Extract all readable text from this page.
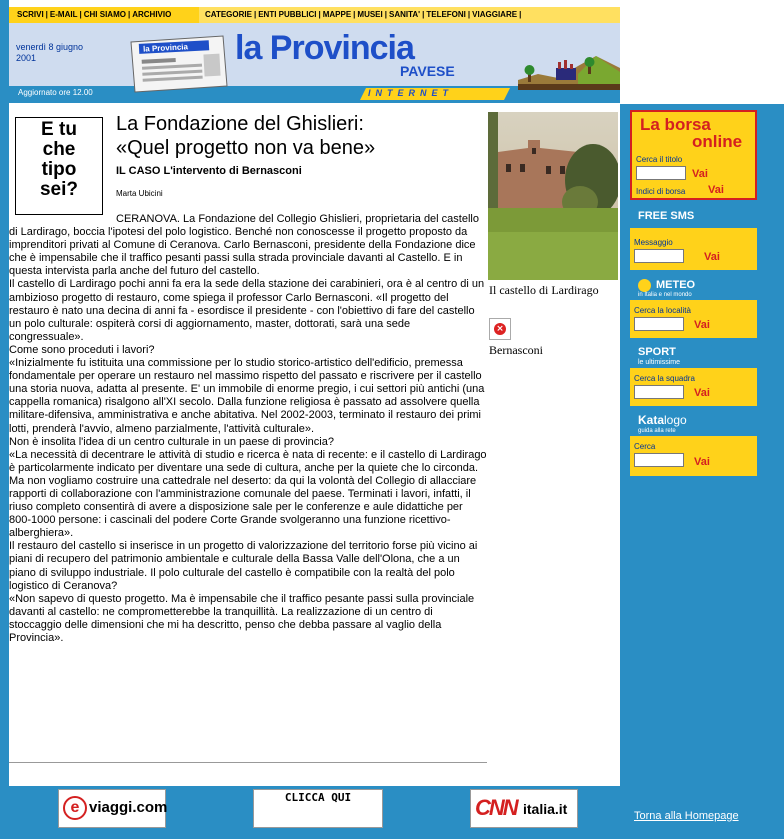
SCRIVI | E-MAIL | CHI SIAMO | ARCHIVIO	CATEGORIE | ENTI PUBBLICI | MAPPE | MUSEI | SANITA' | TELEFONI | VIAGGIARE |
venerdì 8 giugno
2001
Aggiornato ore 12.00
la Provincia la Provincia
PAVESE
INTERNET
E tu
che
tipo
sei?
La Fondazione del Ghislieri:
«Quel progetto non va bene»
IL CASO L'intervento di Bernasconi
Marta Ubicini
Il castello di Lardirago
×
Bernasconi

CERANOVA. La Fondazione del Collegio Ghislieri, proprietaria del castello di Lardirago, boccia l'ipotesi del polo logistico. Benché non conoscesse il progetto proposto da imprenditori privati al Comune di Ceranova. Carlo Bernasconi, presidente della Fondazione dice che è impensabile che il traffico pesanti passi sulla strada provinciale davanti al Castello. E in questa intervista parla anche del futuro del castello.

Il castello di Lardirago pochi anni fa era la sede della stazione dei carabinieri, ora è al centro di un ambizioso progetto di restauro, come spiega il professor Carlo Bernasconi. «Il progetto del restauro è nato una decina di anni fa - esordisce il presidente - con l'obiettivo di fare del castello un polo culturale: ospiterà corsi di aggiornamento, master, dottorati, sarà una sede congressuale».

Come sono proceduti i lavori?

«Inizialmente fu istituita una commissione per lo studio storico-artistico dell'edificio, premessa fondamentale per operare un restauro nel massimo rispetto del passato e riscrivere per il castello una storia nuova, adatta al presente. E' un immobile di enorme pregio, i cui settori più antichi (una cappella romanica) risalgono all'XI secolo. Dalla funzione religiosa è passato ad assolvere quella militare-difensiva, amministrativa e anche abitativa. Nel 2002-2003, terminato il restauro dei primi lotti, prenderà l'avvio, almeno parzialmente, l'attività culturale».

Non è insolita l'idea di un centro culturale in un paese di provincia?

«La necessità di decentrare le attività di studio e ricerca è nata di recente: e il castello di Lardirago è particolarmente indicato per diventare una sede di cultura, anche per la quiete che lo circonda. Ma non vogliamo costruire una cattedrale nel deserto: da qui la volontà del Collegio di allacciare rapporti di collaborazione con l'amministrazione comunale del paese. Terminati i lavori, infatti, il riuso completo consentirà di avere a disposizione sale per le conferenze e aule didattiche per 800-1000 persone: i cascinali del podere Corte Grande svolgeranno una funzione ricettivo-alberghiera».

Il restauro del castello si inserisce in un progetto di valorizzazione del territorio forse più vicino ai piani di recupero del patrimonio ambientale e culturale della Bassa Valle dell'Olona, che a un piano di sviluppo industriale. Il polo culturale del castello è compatibile con la realtà del polo logistico di Ceranova?

«Non sapevo di questo progetto. Ma è impensabile che il traffico pesante passi sulla provinciale davanti al castello: ne comprometterebbe la tranquillità. La realizzazione di un centro di stoccaggio delle dimensioni che mi ha descritto, penso che debba passare al vaglio della Provincia».

La borsa
online
Cerca il titolo
Vai
Indici di borsa Vai
FREE SMS
Messaggio
Vai
METEO
in Italia e nel mondo
Cerca la località
Vai
SPORT
le ultimissime
Cerca la squadra
Vai
Katalogo
guida alla rete
Cerca
Vai
e viaggi.com
CLICCA QUI	CNN italia.it	Torna alla Homepage
